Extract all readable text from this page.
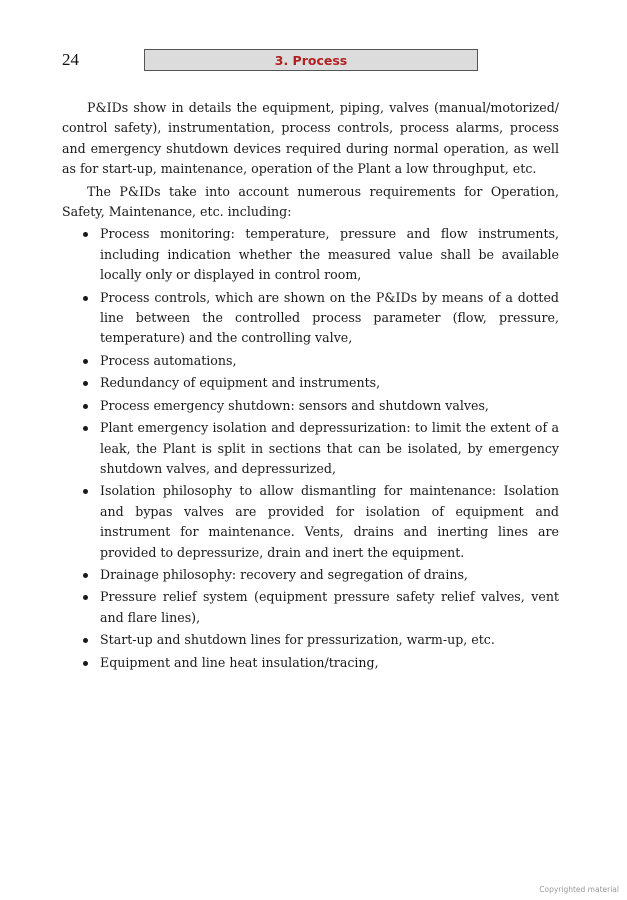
24	3. Process

P&IDs show in details the equipment, piping, valves (manual/motorized/ control safety), instrumentation, process controls, process alarms, process and emergency shutdown devices required during normal operation, as well as for start-up, maintenance, operation of the Plant a low throughput, etc.

The P&IDs take into account numerous requirements for Operation, Safety, Maintenance, etc. including:

Process monitoring: temperature, pressure and flow instruments, including indication whether the measured value shall be available locally only or displayed in control room,
Process controls, which are shown on the P&IDs by means of a dotted line between the controlled process parameter (flow, pressure, temperature) and the controlling valve,
Process automations,
Redundancy of equipment and instruments,
Process emergency shutdown: sensors and shutdown valves,
Plant emergency isolation and depressurization: to limit the extent of a leak, the Plant is split in sections that can be isolated, by emergency shutdown valves, and depressurized,
Isolation philosophy to allow dismantling for maintenance: Isolation and bypas valves are provided for isolation of equipment and instrument for maintenance. Vents, drains and inerting lines are provided to depressurize, drain and inert the equipment.
Drainage philosophy: recovery and segregation of drains,
Pressure relief system (equipment pressure safety relief valves, vent and flare lines),
Start-up and shutdown lines for pressurization, warm-up, etc.
Equipment and line heat insulation/tracing,
Copyrighted material
